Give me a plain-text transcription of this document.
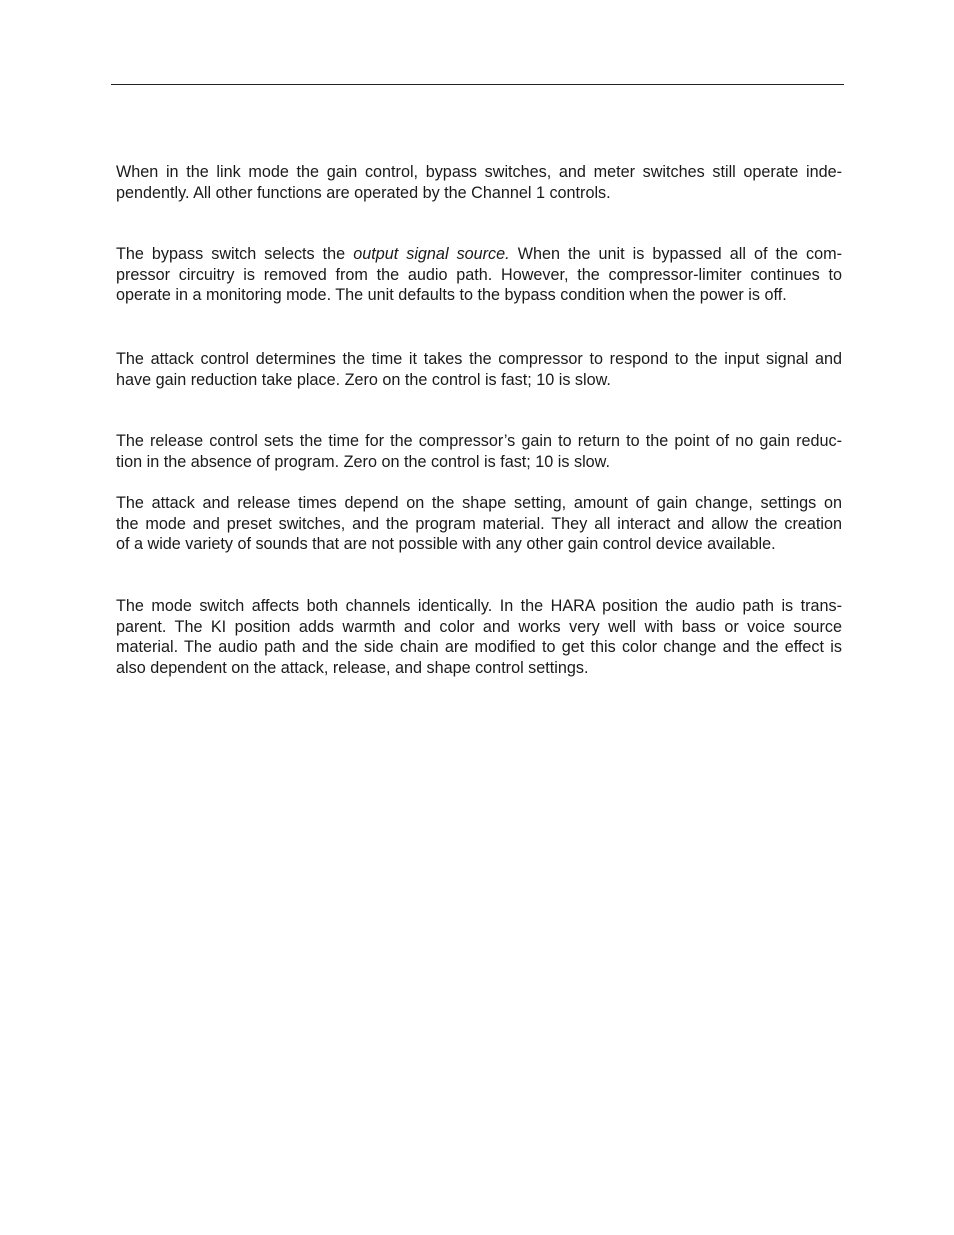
When in the link mode the gain control, bypass switches, and meter switches still operate inde-
pendently. All other functions are operated by the Channel 1 controls.

The bypass switch selects the output signal source. When the unit is bypassed all of the com-
pressor circuitry is removed from the audio path. However, the compressor-limiter continues to
operate in a monitoring mode. The unit defaults to the bypass condition when the power is off.

The attack control determines the time it takes the compressor to respond to the input signal and
have gain reduction take place. Zero on the control is fast; 10 is slow.

The release control sets the time for the compressor’s gain to return to the point of no gain reduc-
tion in the absence of program. Zero on the control is fast; 10 is slow.

The attack and release times depend on the shape setting, amount of gain change, settings on
the mode and preset switches, and the program material. They all interact and allow the creation
of a wide variety of sounds that are not possible with any other gain control device available.

The mode switch affects both channels identically. In the HARA position the audio path is trans-
parent. The KI position adds warmth and color and works very well with bass or voice source
material. The audio path and the side chain are modified to get this color change and the effect is
also dependent on the attack, release, and shape control settings.
